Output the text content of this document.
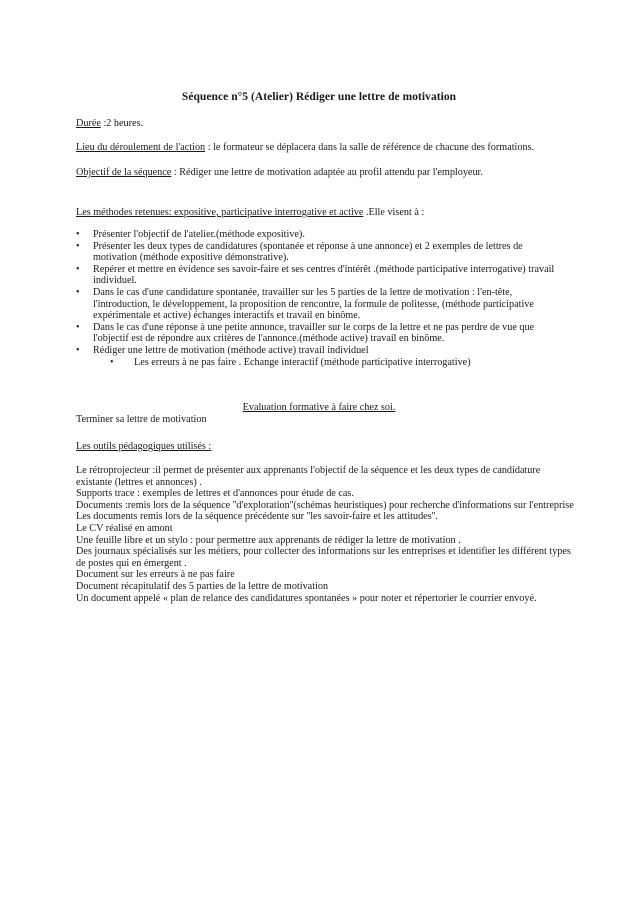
Séquence n°5 (Atelier) Rédiger une lettre de motivation
Durée :2 heures.
Lieu du déroulement de l'action : le formateur se déplacera dans la salle de référence de chacune des formations.
Objectif de la séquence : Rédiger une lettre de motivation adaptée au profil attendu par l'employeur.
Les méthodes retenues: expositive, participative interrogative et active .Elle visent à :
• Présenter l'objectif de l'atelier.(méthode expositive).
• Présenter les deux types de candidatures (spontanée et réponse à une annonce) et 2 exemples de lettres de motivation (méthode expositive démonstrative).
• Repérer et mettre en évidence ses savoir-faire et ses centres d'intérêt .(méthode participative interrogative) travail individuel.
• Dans le cas d'une candidature spontanée, travailler sur les 5 parties de la lettre de motivation : l'en-tête, l'introduction, le développement, la proposition de rencontre, la formule de politesse, (méthode participative expérimentale et active) échanges interactifs et travail en binôme.
• Dans le cas d'une réponse à une petite annonce, travailler sur le corps de la lettre et ne pas perdre de vue que l'objectif est de répondre aux critères de l'annonce.(méthode active) travail en binôme.
• Rédiger une lettre de motivation (méthode active) travail individuel
• Les erreurs à ne pas faire . Echange interactif (méthode participative interrogative)
Evaluation formative à faire chez soi.
Terminer sa lettre de motivation
Les outils pédagogiques utilisés :

Le rétroprojecteur :il permet de présenter aux apprenants l'objectif de la séquence et les deux types de candidature existante (lettres et annonces) .

Supports trace : exemples de lettres et d'annonces pour étude de cas.

Documents :remis lors de la séquence ''d'exploration''(schémas heuristiques) pour recherche d'informations sur l'entreprise

Les documents remis lors de la séquence précédente sur ''les savoir-faire et les attitudes''.

Le CV réalisé en amont

Une feuille libre et un stylo : pour permettre aux apprenants de rédiger la lettre de motivation .

Des journaux spécialisés sur les métiers, pour collecter des informations sur les entreprises et identifier les différent types de postes qui en émergent .

Document sur les erreurs à ne pas faire

Document récapitulatif des 5 parties de la lettre de motivation

Un document appelé « plan de relance des candidatures spontanées » pour noter et répertorier le courrier envoyé.
